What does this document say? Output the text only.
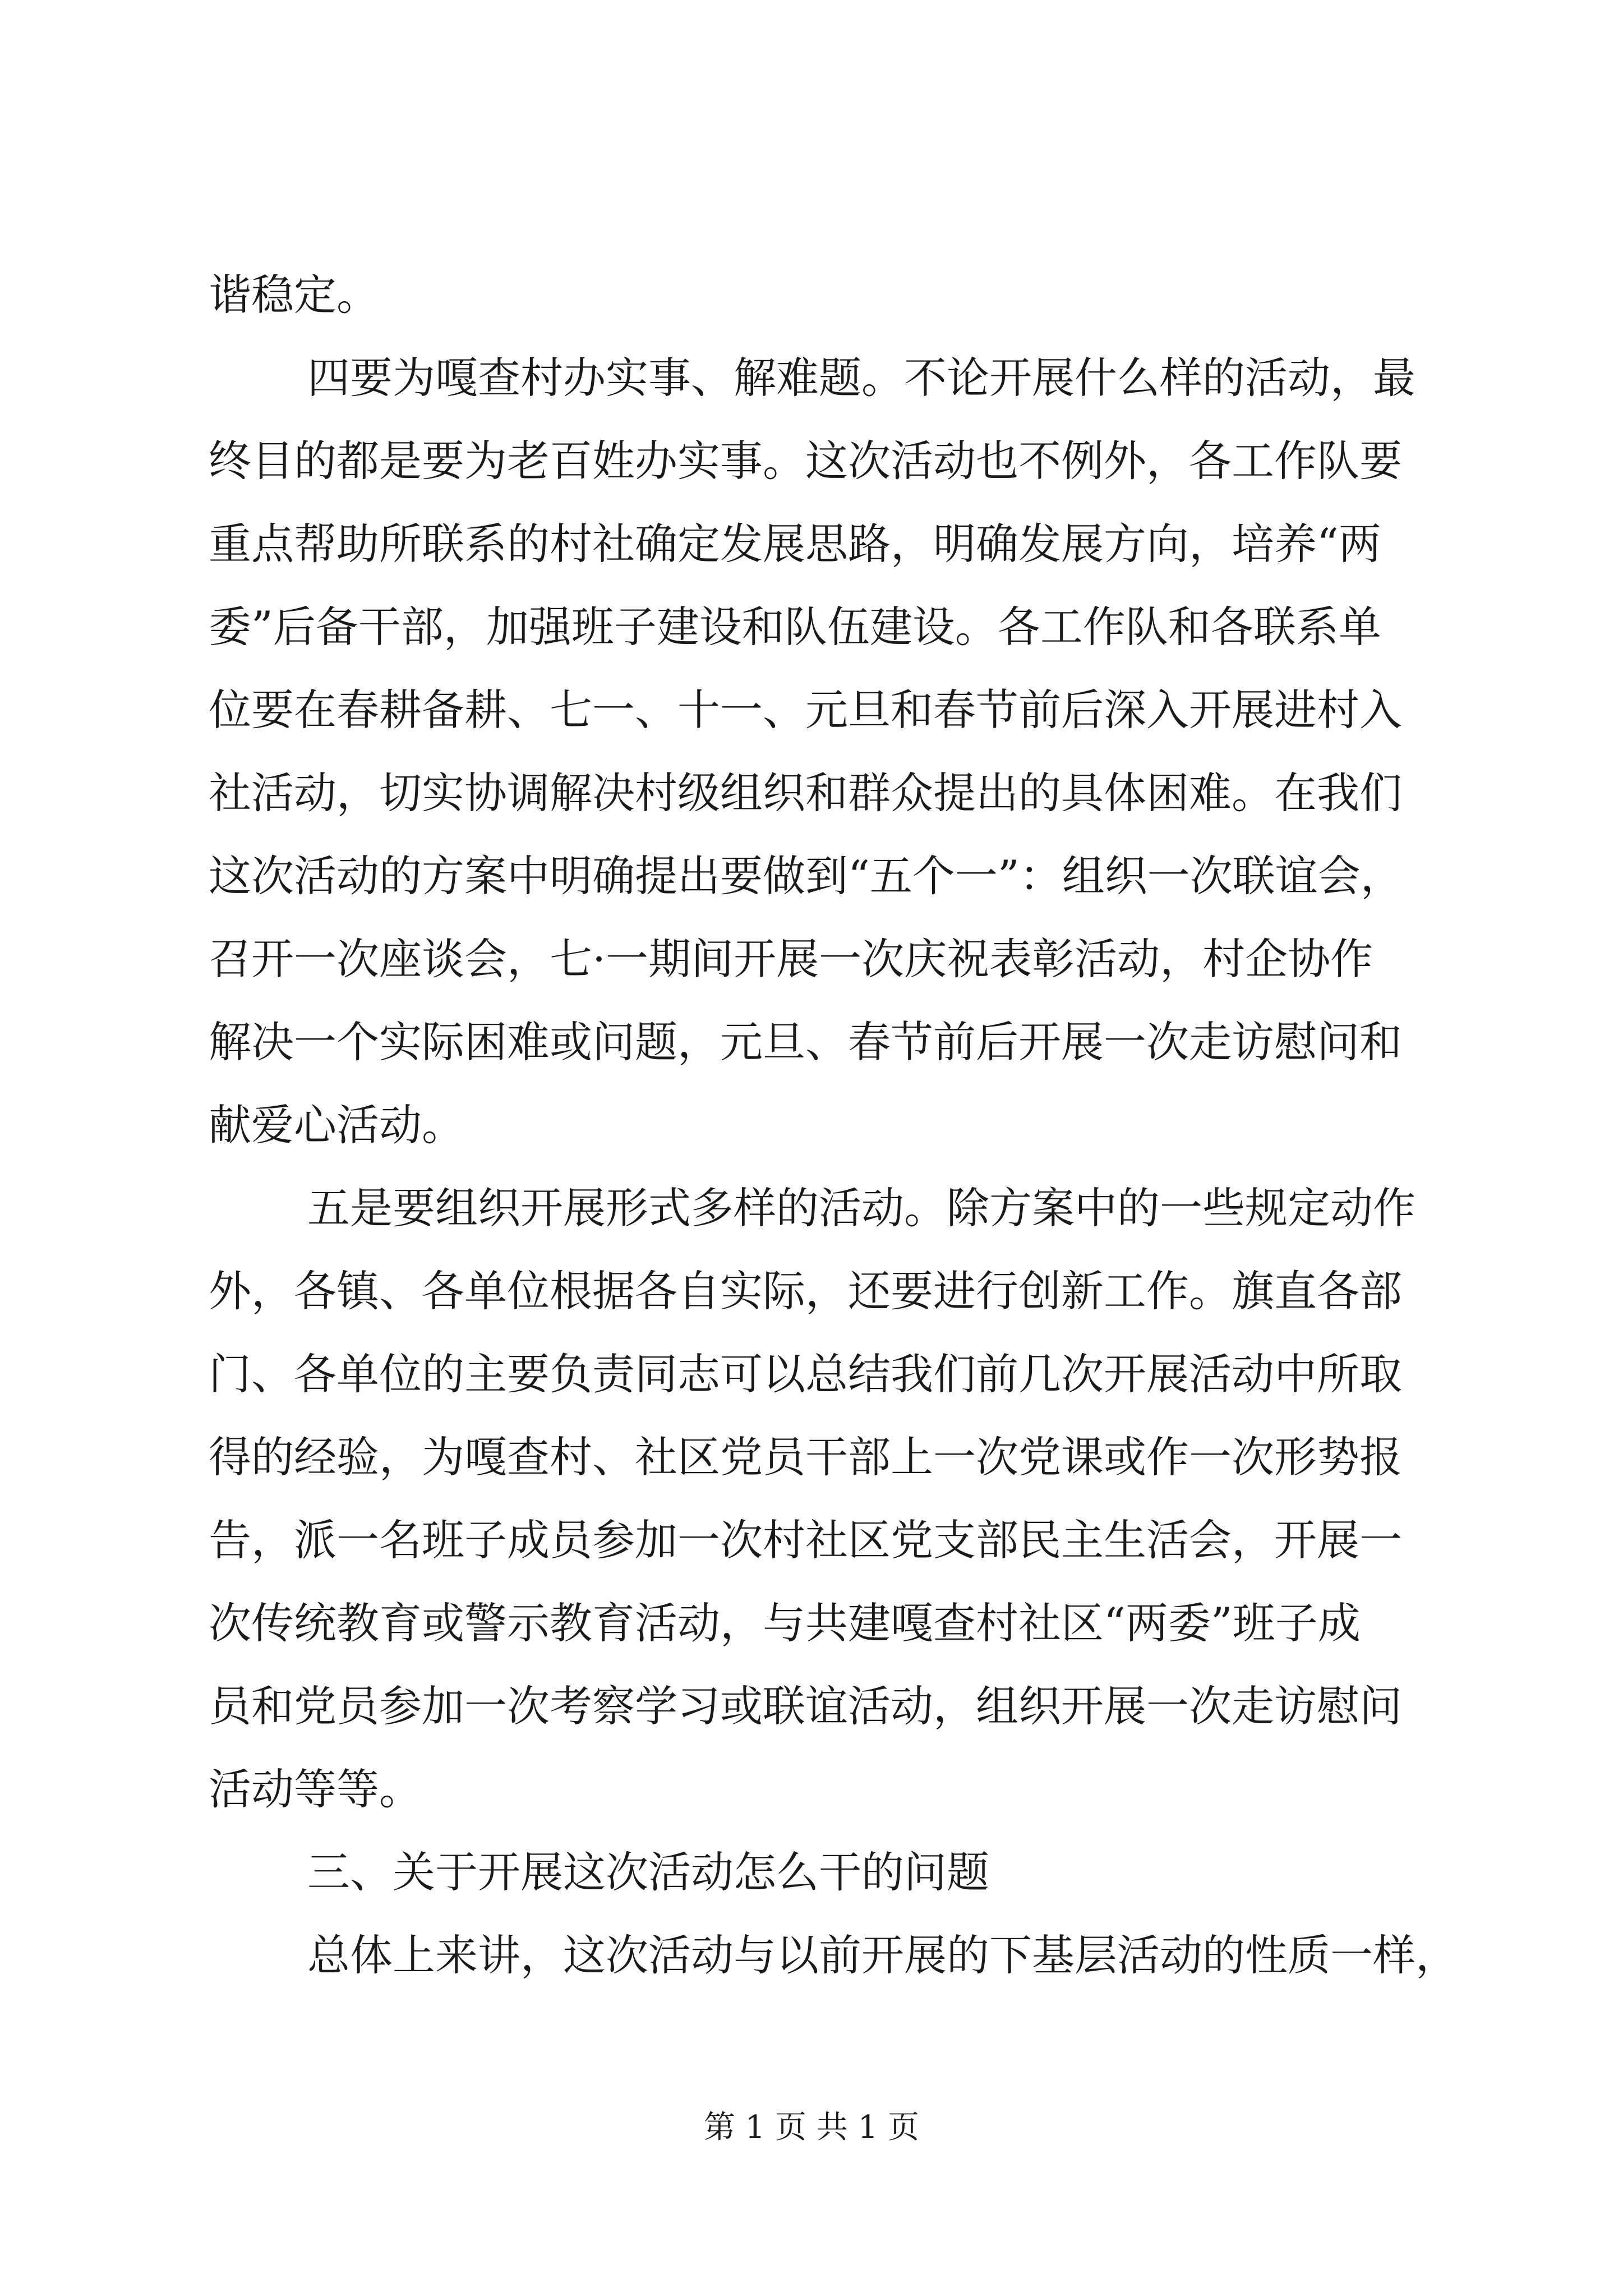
谐稳定。
四要为嘎查村办实事、解难题。不论开展什么样的活动，最
终目的都是要为老百姓办实事。这次活动也不例外，各工作队要
重点帮助所联系的村社确定发展思路，明确发展方向，培养“两
委”后备干部，加强班子建设和队伍建设。各工作队和各联系单
位要在春耕备耕、七一、十一、元旦和春节前后深入开展进村入
社活动，切实协调解决村级组织和群众提出的具体困难。在我们
这次活动的方案中明确提出要做到“五个一”：组织一次联谊会，
召开一次座谈会，七·一期间开展一次庆祝表彰活动，村企协作
解决一个实际困难或问题，元旦、春节前后开展一次走访慰问和
献爱心活动。
五是要组织开展形式多样的活动。除方案中的一些规定动作
外，各镇、各单位根据各自实际，还要进行创新工作。旗直各部
门、各单位的主要负责同志可以总结我们前几次开展活动中所取
得的经验，为嘎查村、社区党员干部上一次党课或作一次形势报
告，派一名班子成员参加一次村社区党支部民主生活会，开展一
次传统教育或警示教育活动，与共建嘎查村社区“两委”班子成
员和党员参加一次考察学习或联谊活动，组织开展一次走访慰问
活动等等。
三、关于开展这次活动怎么干的问题
总体上来讲，这次活动与以前开展的下基层活动的性质一样，
第 1 页 共 1 页
